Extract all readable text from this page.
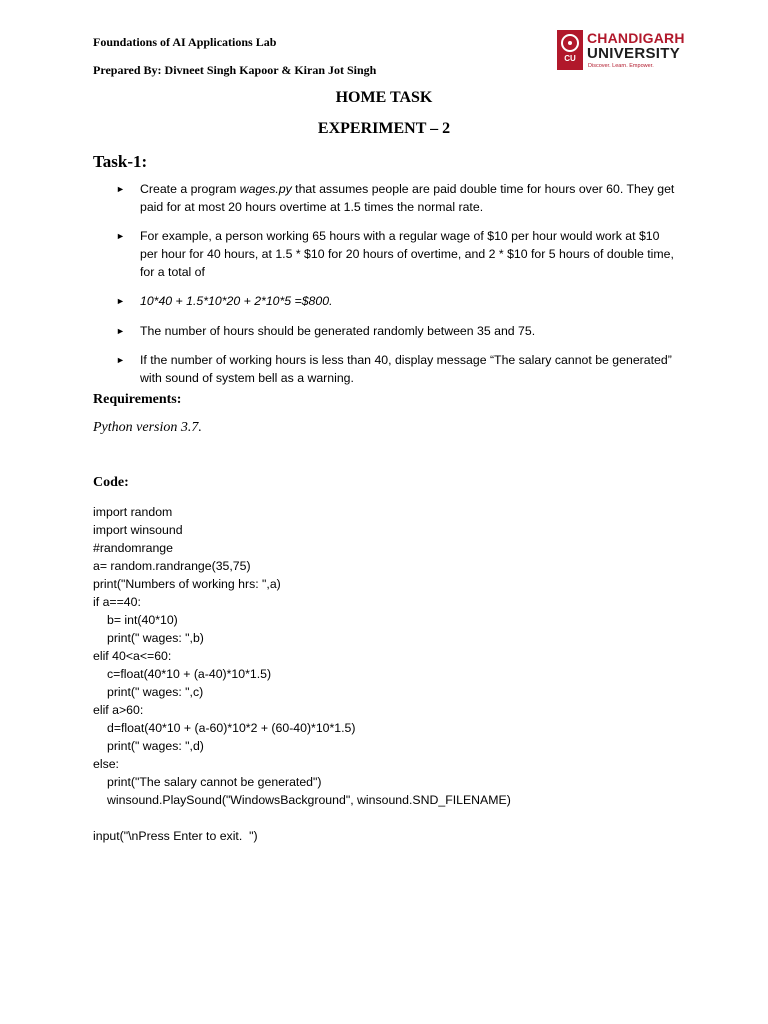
Foundations of AI Applications Lab
Prepared By: Divneet Singh Kapoor & Kiran Jot Singh
CU
CHANDIGARH
UNIVERSITY
Discover. Learn. Empower.
HOME TASK
EXPERIMENT – 2
Task-1:
► Create a program wages.py that assumes people are paid double time for hours over 60. They get paid for at most 20 hours overtime at 1.5 times the normal rate.
► For example, a person working 65 hours with a regular wage of $10 per hour would work at $10 per hour for 40 hours, at 1.5 * $10 for 20 hours of overtime, and 2 * $10 for 5 hours of double time, for a total of
► 10*40 + 1.5*10*20 + 2*10*5 =$800.
► The number of hours should be generated randomly between 35 and 75.
► If the number of working hours is less than 40, display message “The salary cannot be generated” with sound of system bell as a warning.
Requirements:
Python version 3.7.
Code:
import random
import winsound
#randomrange
a= random.randrange(35,75)
print("Numbers of working hrs: ",a)
if a==40:
b= int(40*10)
print(" wages: ",b)
elif 40<a<=60:
c=float(40*10 + (a-40)*10*1.5)
print(" wages: ",c)
elif a>60:
d=float(40*10 + (a-60)*10*2 + (60-40)*10*1.5)
print(" wages: ",d)
else:
print("The salary cannot be generated")
winsound.PlaySound("WindowsBackground", winsound.SND_FILENAME)
input("\nPress Enter to exit.  ")
